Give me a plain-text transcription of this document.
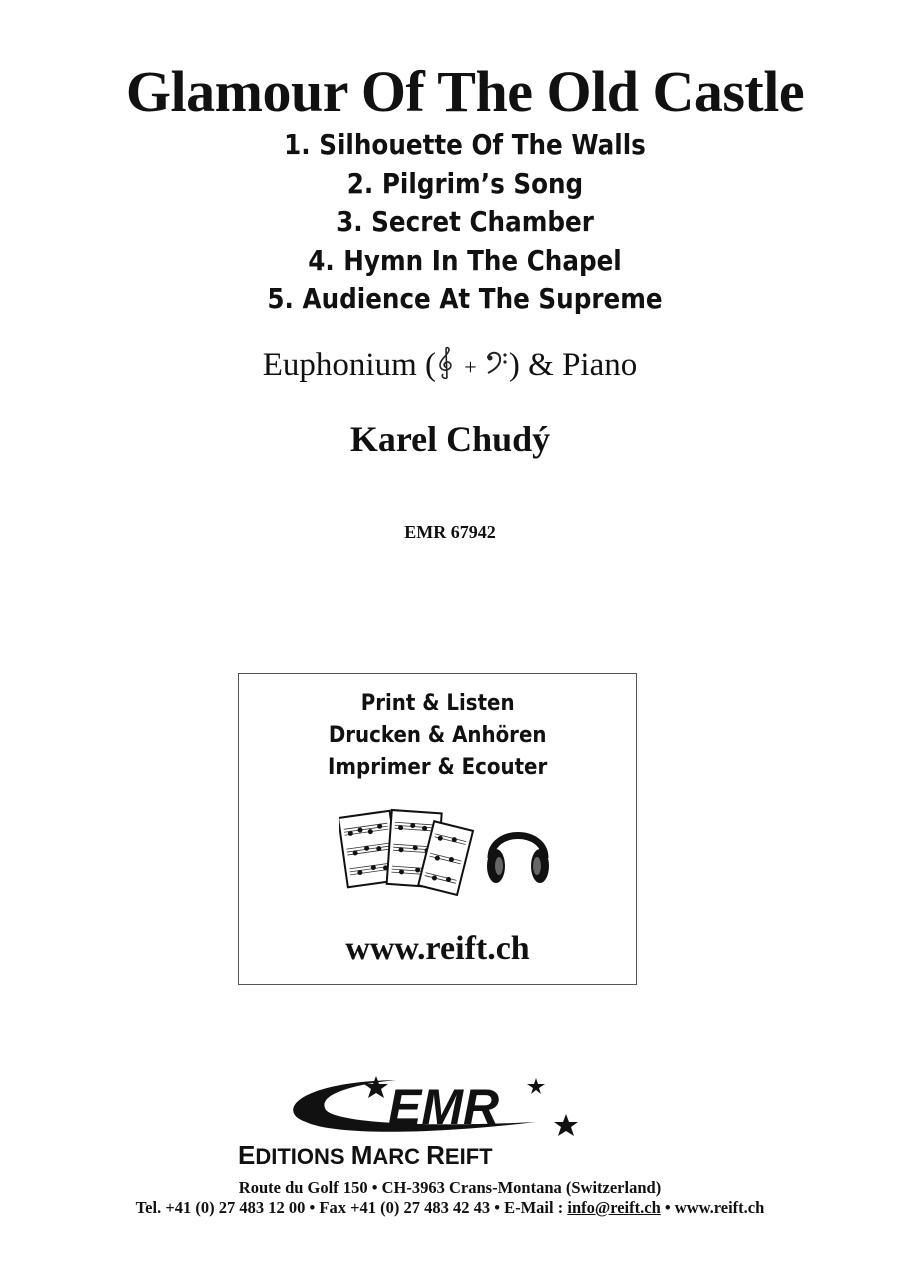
Glamour Of The Old Castle
1. Silhouette Of The Walls
2. Pilgrim’s Song
3. Secret Chamber
4. Hymn In The Chapel
5. Audience At The Supreme
Euphonium ( + ) & Piano
Karel Chudý
EMR 67942
Print & Listen
Drucken & Anhören
Imprimer & Ecouter
www.reift.ch
EMR
EDITIONS MARC REIFT
Route du Golf 150 • CH-3963 Crans-Montana (Switzerland)
Tel. +41 (0) 27 483 12 00 • Fax +41 (0) 27 483 42 43 • E-Mail : info@reift.ch • www.reift.ch
